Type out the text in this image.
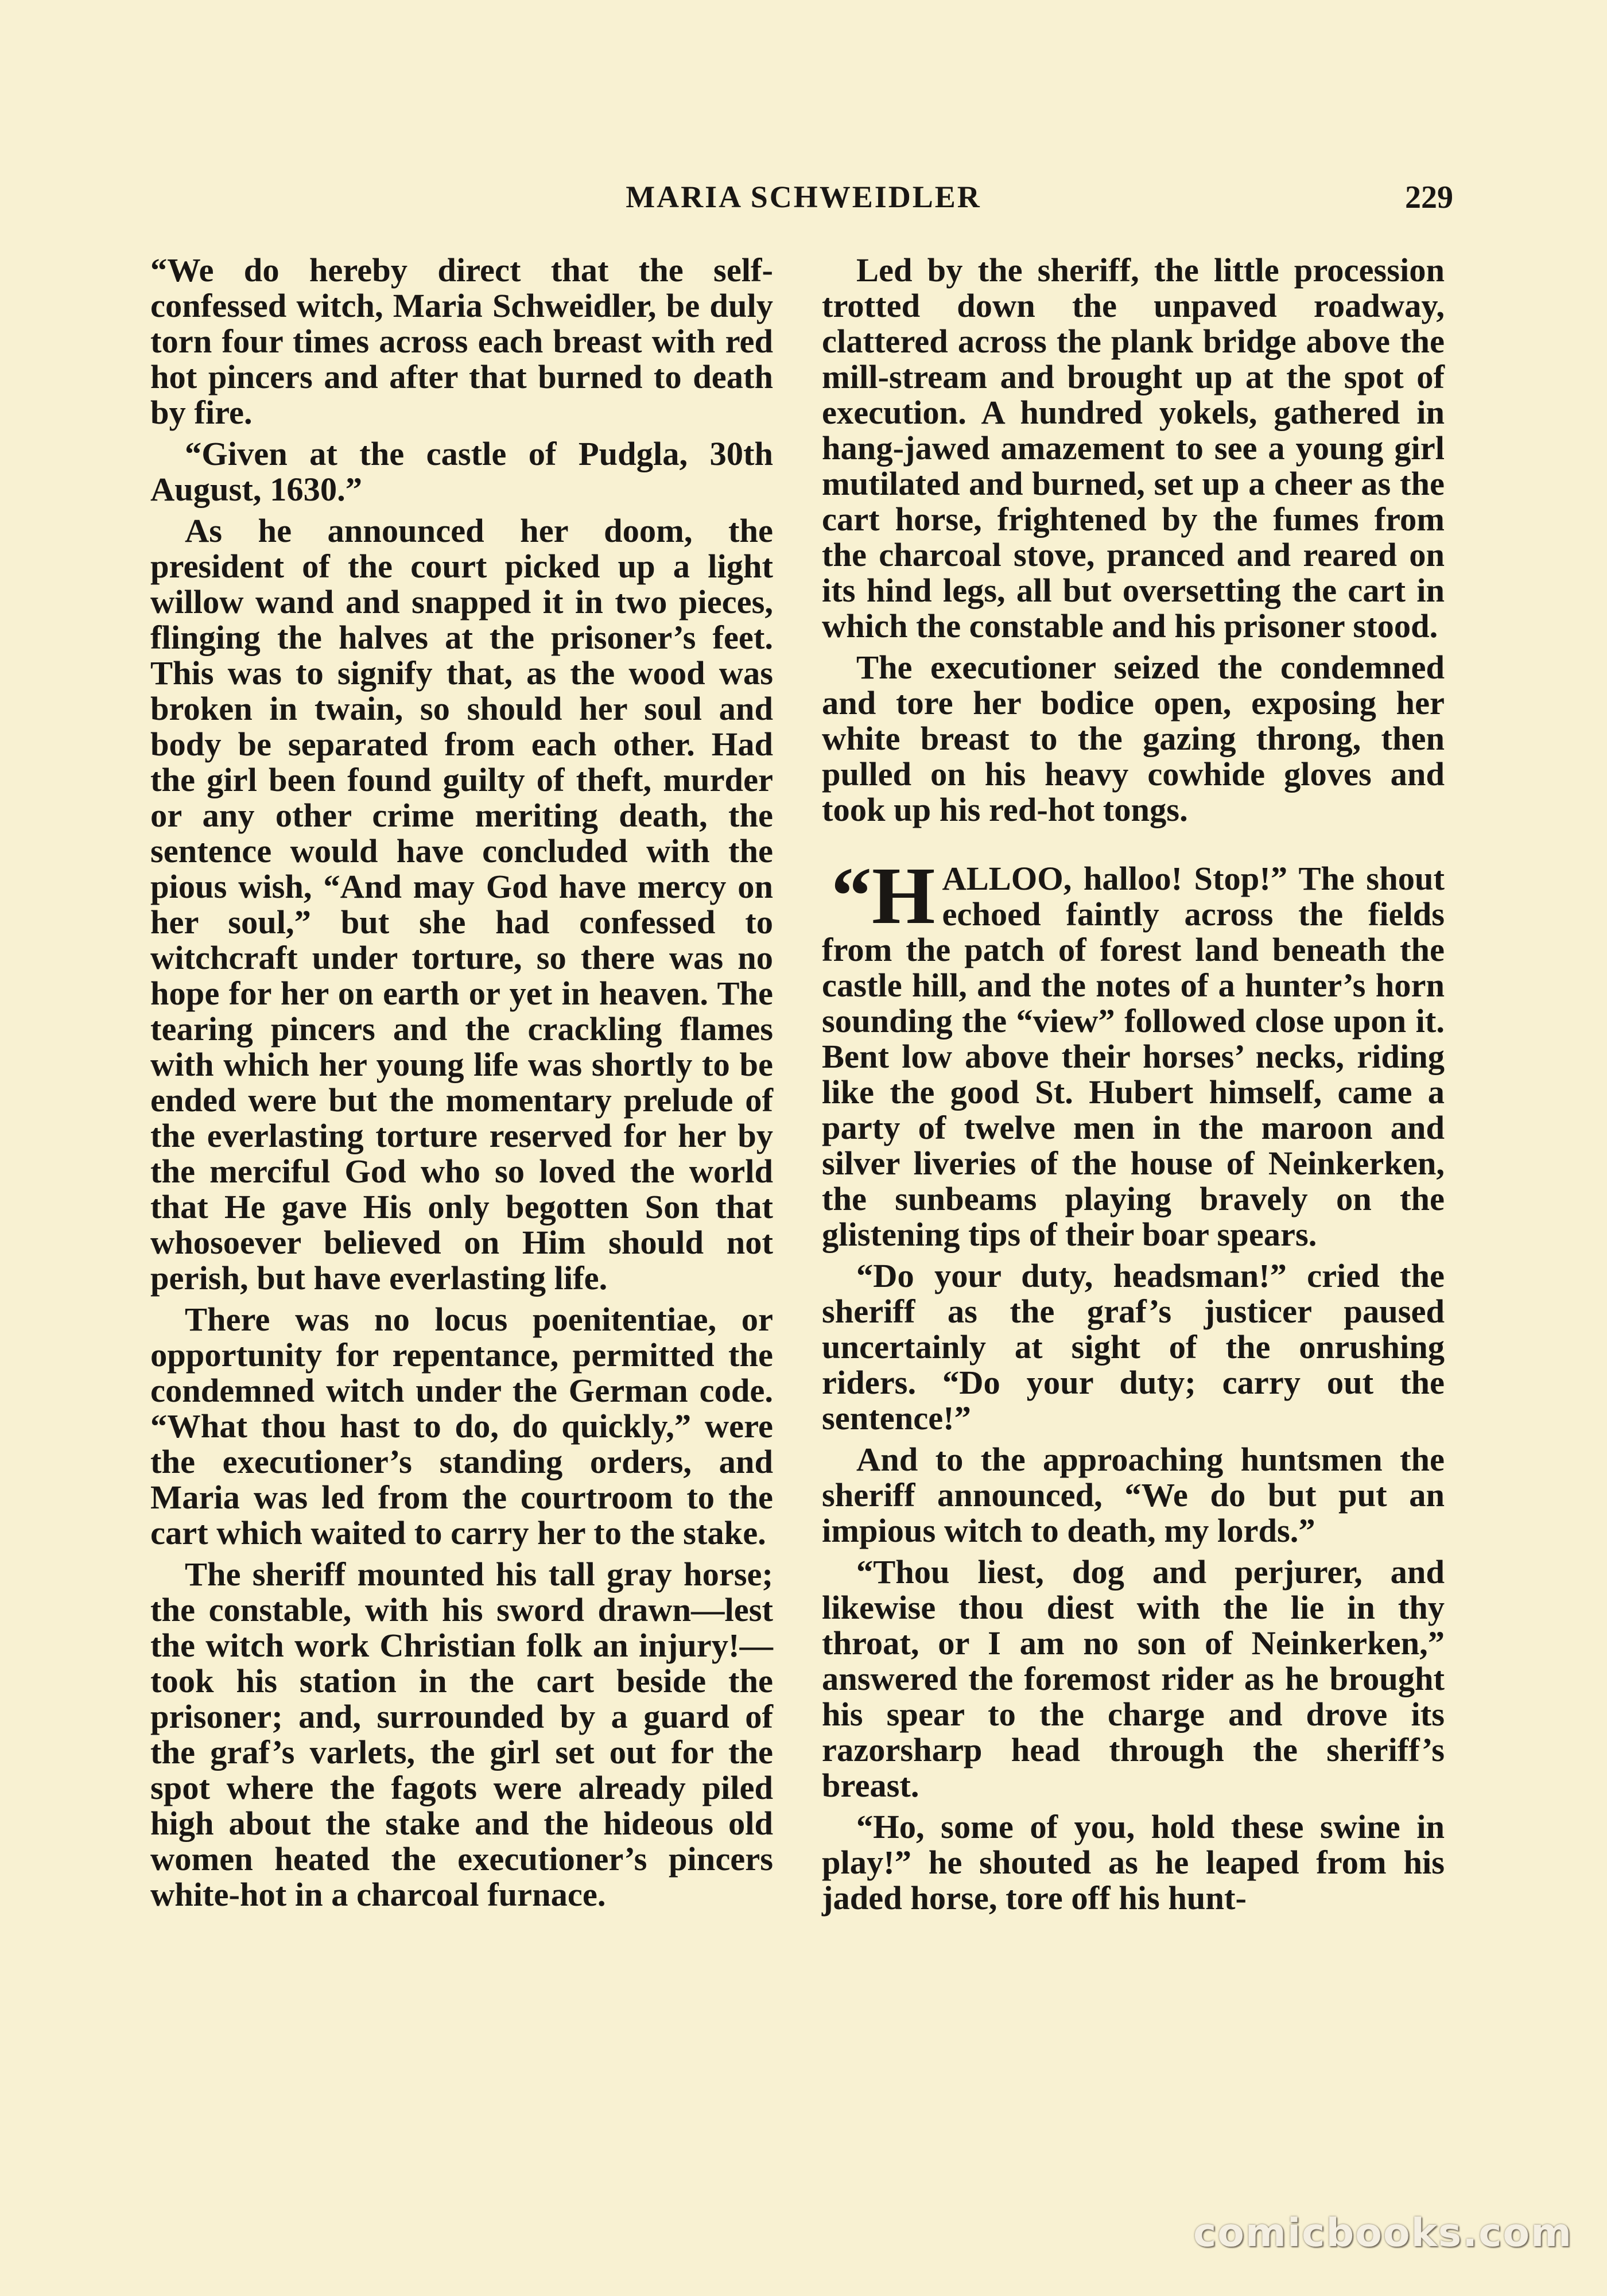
MARIA SCHWEIDLER	229

“We do hereby direct that the self-confessed witch, Maria Schweidler, be duly torn four times across each breast with red hot pincers and after that burned to death by fire.

“Given at the castle of Pudgla, 30th August, 1630.”

As he announced her doom, the president of the court picked up a light willow wand and snapped it in two pieces, flinging the halves at the prisoner’s feet. This was to signify that, as the wood was broken in twain, so should her soul and body be separated from each other. Had the girl been found guilty of theft, murder or any other crime meriting death, the sentence would have concluded with the pious wish, “And may God have mercy on her soul,” but she had confessed to witchcraft under torture, so there was no hope for her on earth or yet in heaven. The tearing pincers and the crackling flames with which her young life was shortly to be ended were but the momentary prelude of the everlasting torture reserved for her by the merciful God who so loved the world that He gave His only begotten Son that whosoever believed on Him should not perish, but have everlasting life.

There was no locus poenitentiae, or opportunity for repentance, permitted the condemned witch under the German code. “What thou hast to do, do quickly,” were the executioner’s standing orders, and Maria was led from the courtroom to the cart which waited to carry her to the stake.

The sheriff mounted his tall gray horse; the constable, with his sword drawn—lest the witch work Christian folk an injury!—took his station in the cart beside the prisoner; and, surrounded by a guard of the graf’s varlets, the girl set out for the spot where the fagots were already piled high about the stake and the hideous old women heated the executioner’s pincers white-hot in a charcoal furnace.

Led by the sheriff, the little procession trotted down the unpaved roadway, clattered across the plank bridge above the mill-stream and brought up at the spot of execution. A hundred yokels, gathered in hang-jawed amazement to see a young girl mutilated and burned, set up a cheer as the cart horse, frightened by the fumes from the charcoal stove, pranced and reared on its hind legs, all but oversetting the cart in which the constable and his prisoner stood.

The executioner seized the condemned and tore her bodice open, exposing her white breast to the gazing throng, then pulled on his heavy cowhide gloves and took up his red-hot tongs.

“H ALLOO, halloo! Stop!” The shout echoed faintly across the fields from the patch of forest land beneath the castle hill, and the notes of a hunter’s horn sounding the “view” followed close upon it. Bent low above their horses’ necks, riding like the good St. Hubert himself, came a party of twelve men in the maroon and silver liveries of the house of Neinkerken, the sunbeams playing bravely on the glistening tips of their boar spears.

“Do your duty, headsman!” cried the sheriff as the graf’s justicer paused uncertainly at sight of the onrushing riders. “Do your duty; carry out the sentence!”

And to the approaching huntsmen the sheriff announced, “We do but put an impious witch to death, my lords.”

“Thou liest, dog and perjurer, and likewise thou diest with the lie in thy throat, or I am no son of Neinkerken,” answered the foremost rider as he brought his spear to the charge and drove its razorsharp head through the sheriff’s breast.

“Ho, some of you, hold these swine in play!” he shouted as he leaped from his jaded horse, tore off his hunt-

comicbooks.com
